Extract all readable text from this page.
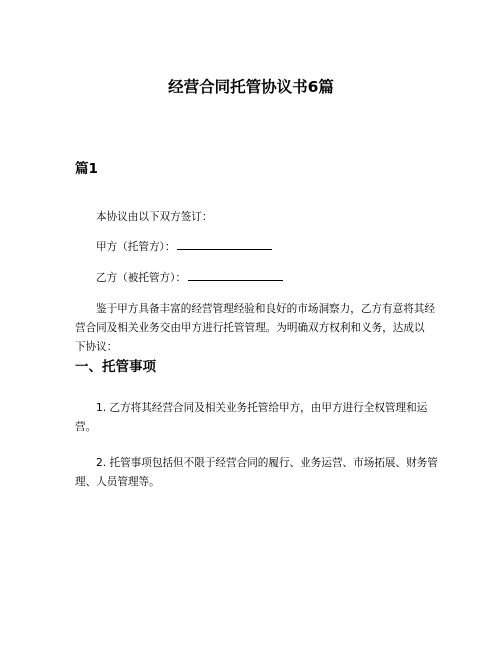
经营合同托管协议书6篇
篇1

本协议由以下双方签订：

甲方（托管方）：

乙方（被托管方）：

鉴于甲方具备丰富的经营管理经验和良好的市场洞察力，乙方有意将其经营合同及相关业务交由甲方进行托管管理。为明确双方权利和义务，达成以下协议：

一、托管事项

1. 乙方将其经营合同及相关业务托管给甲方，由甲方进行全权管理和运营。

2. 托管事项包括但不限于经营合同的履行、业务运营、市场拓展、财务管理、人员管理等。
